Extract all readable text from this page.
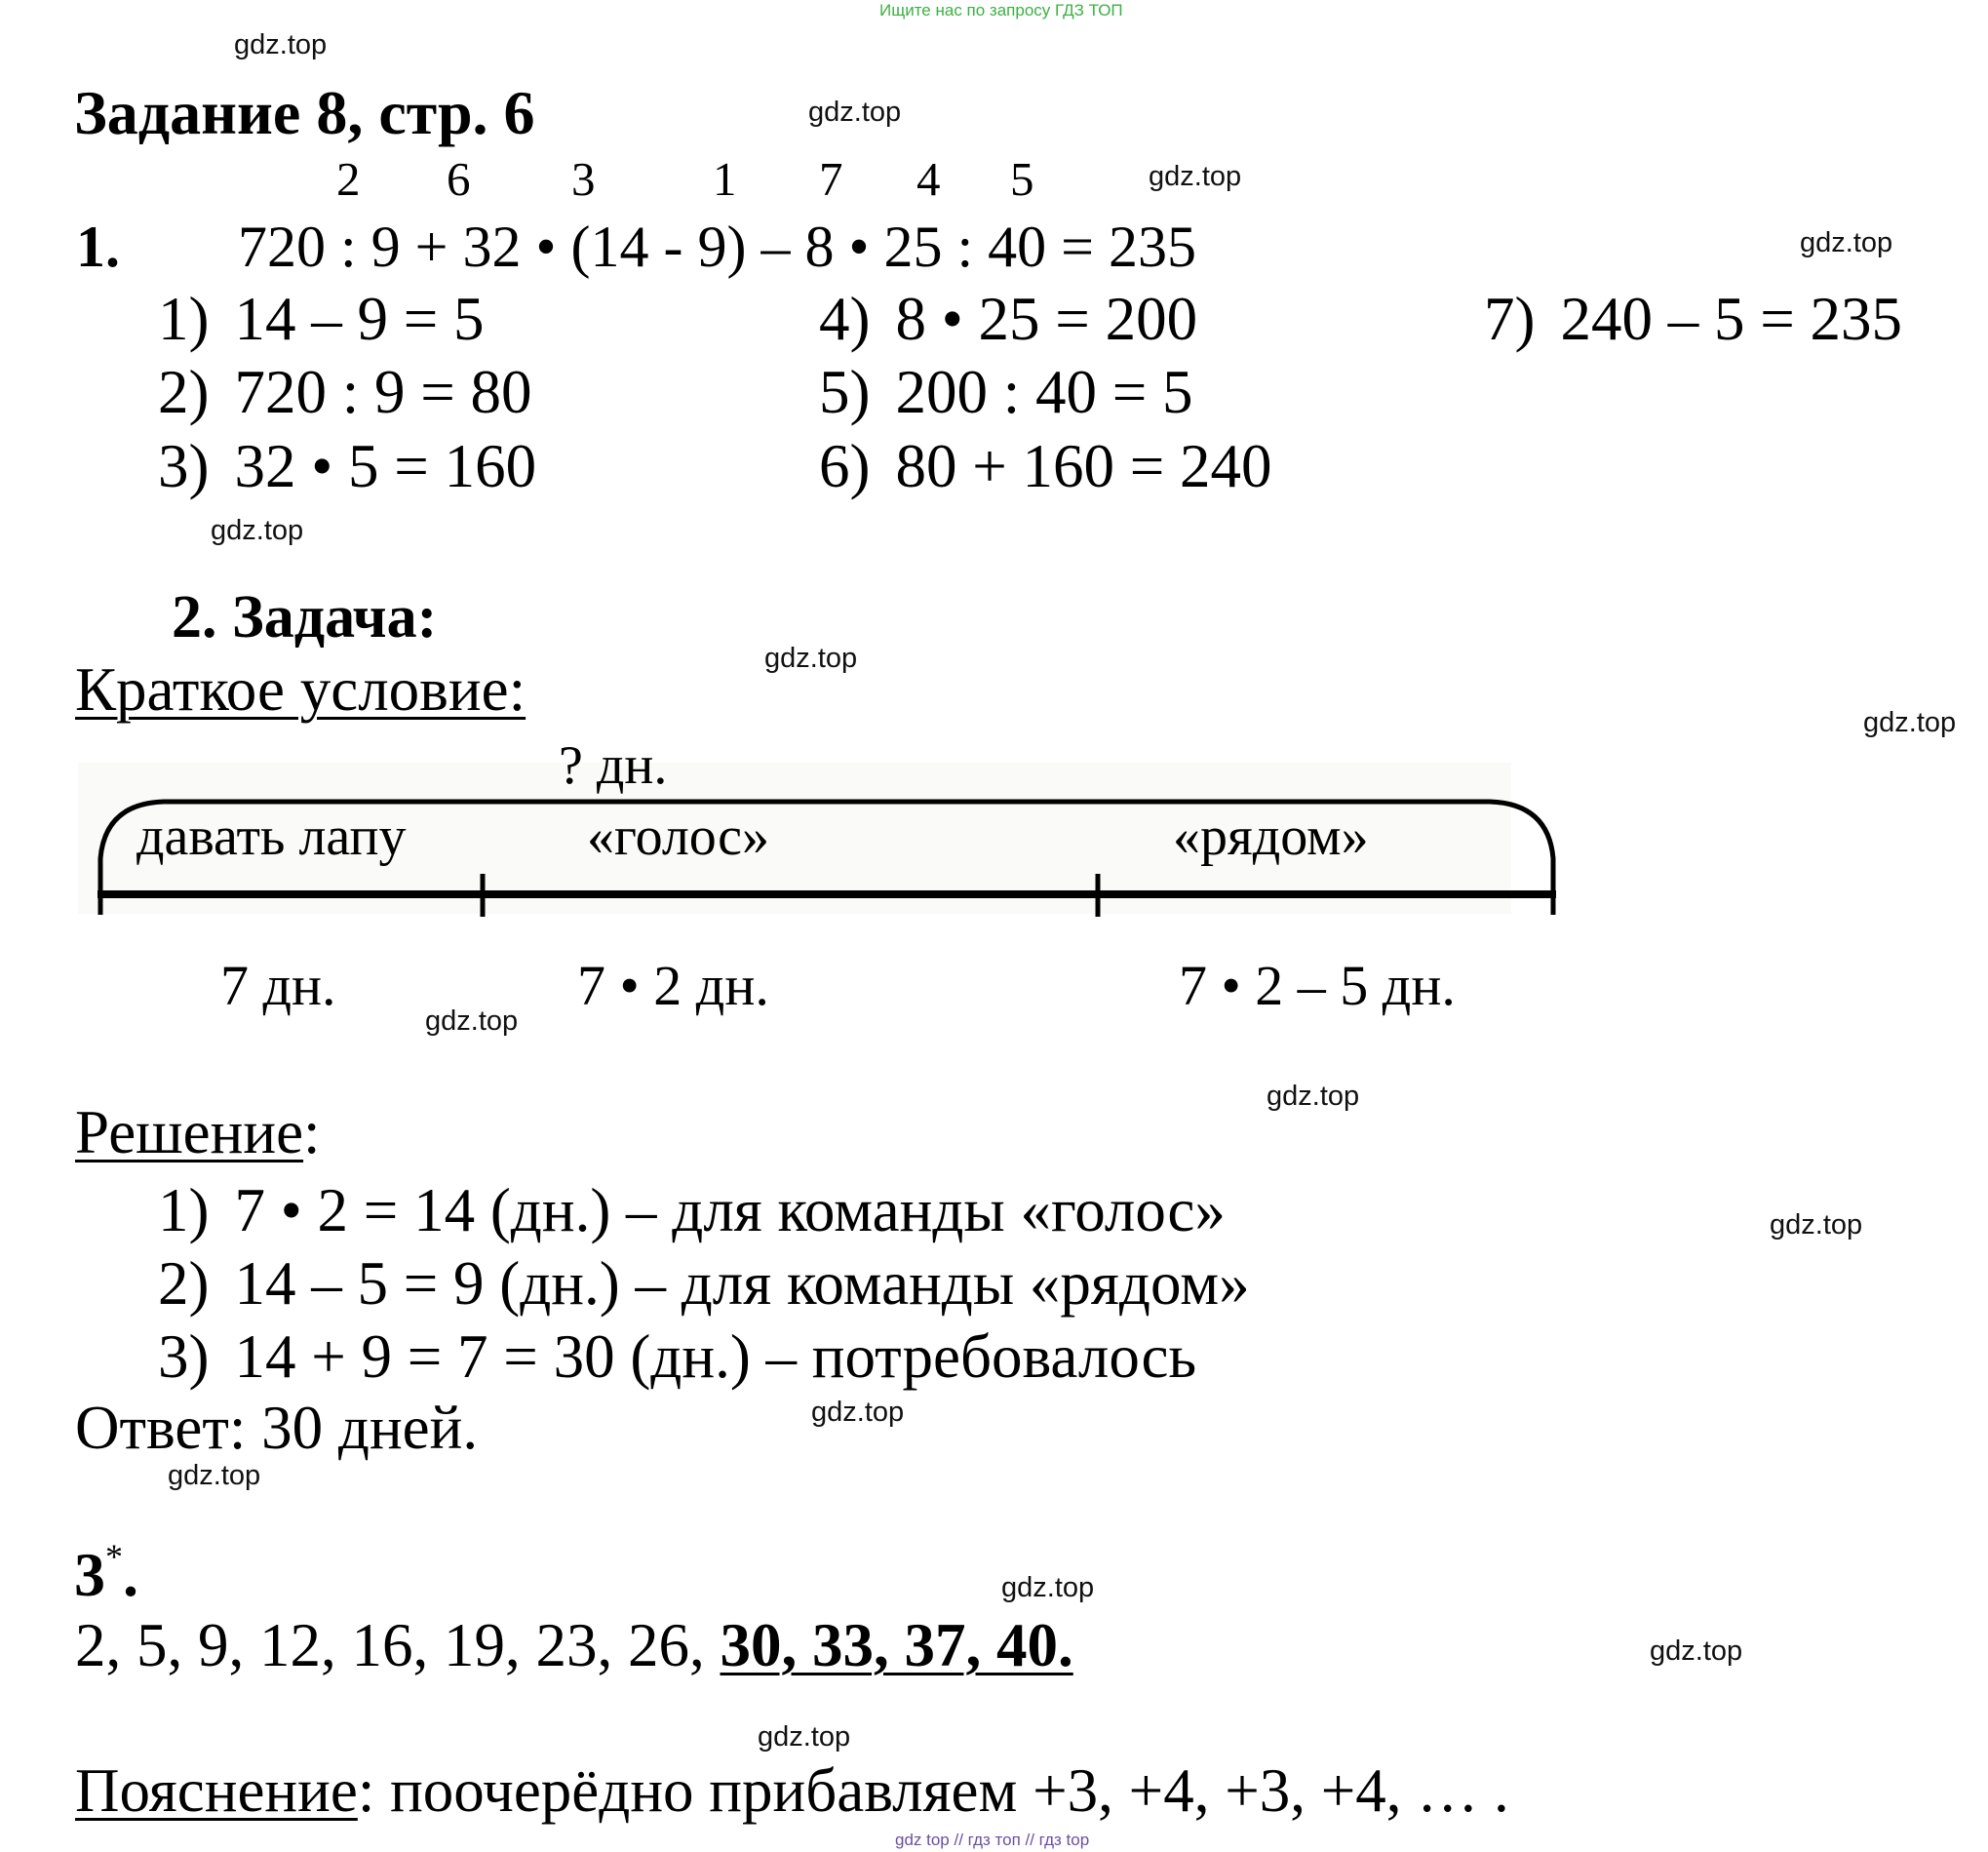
Ищите нас по запросу ГДЗ ТОП
gdz.top
gdz.top
gdz.top
gdz.top
gdz.top
gdz.top
gdz.top
gdz.top
gdz.top
gdz.top
gdz.top
gdz.top
gdz.top
gdz.top
gdz.top
Задание 8, стр. 6
2 6 3 1 7 4 5
1. 720 : 9 + 32 • (14 - 9) – 8 • 25 : 40 = 235
1) 14 – 9 = 5
2) 720 : 9 = 80
3) 32 • 5 = 160
4) 8 • 25 = 200
5) 200 : 40 = 5
6) 80 + 160 = 240
7) 240 – 5 = 235
2. Задача:
Краткое условие:
? дн.
давать лапу	«голос»	«рядом»
7 дн.	7 • 2 дн.	7 • 2 – 5 дн.
Решение:
1) 7 • 2 = 14 (дн.) – для команды «голос»
2) 14 – 5 = 9 (дн.) – для команды «рядом»
3) 14 + 9 = 7 = 30 (дн.) – потребовалось
Ответ: 30 дней.
3*.
2, 5, 9, 12, 16, 19, 23, 26, 30, 33, 37, 40.
Пояснение: поочерёдно прибавляем +3, +4, +3, +4, … .
gdz top // гдз топ // гдз top
